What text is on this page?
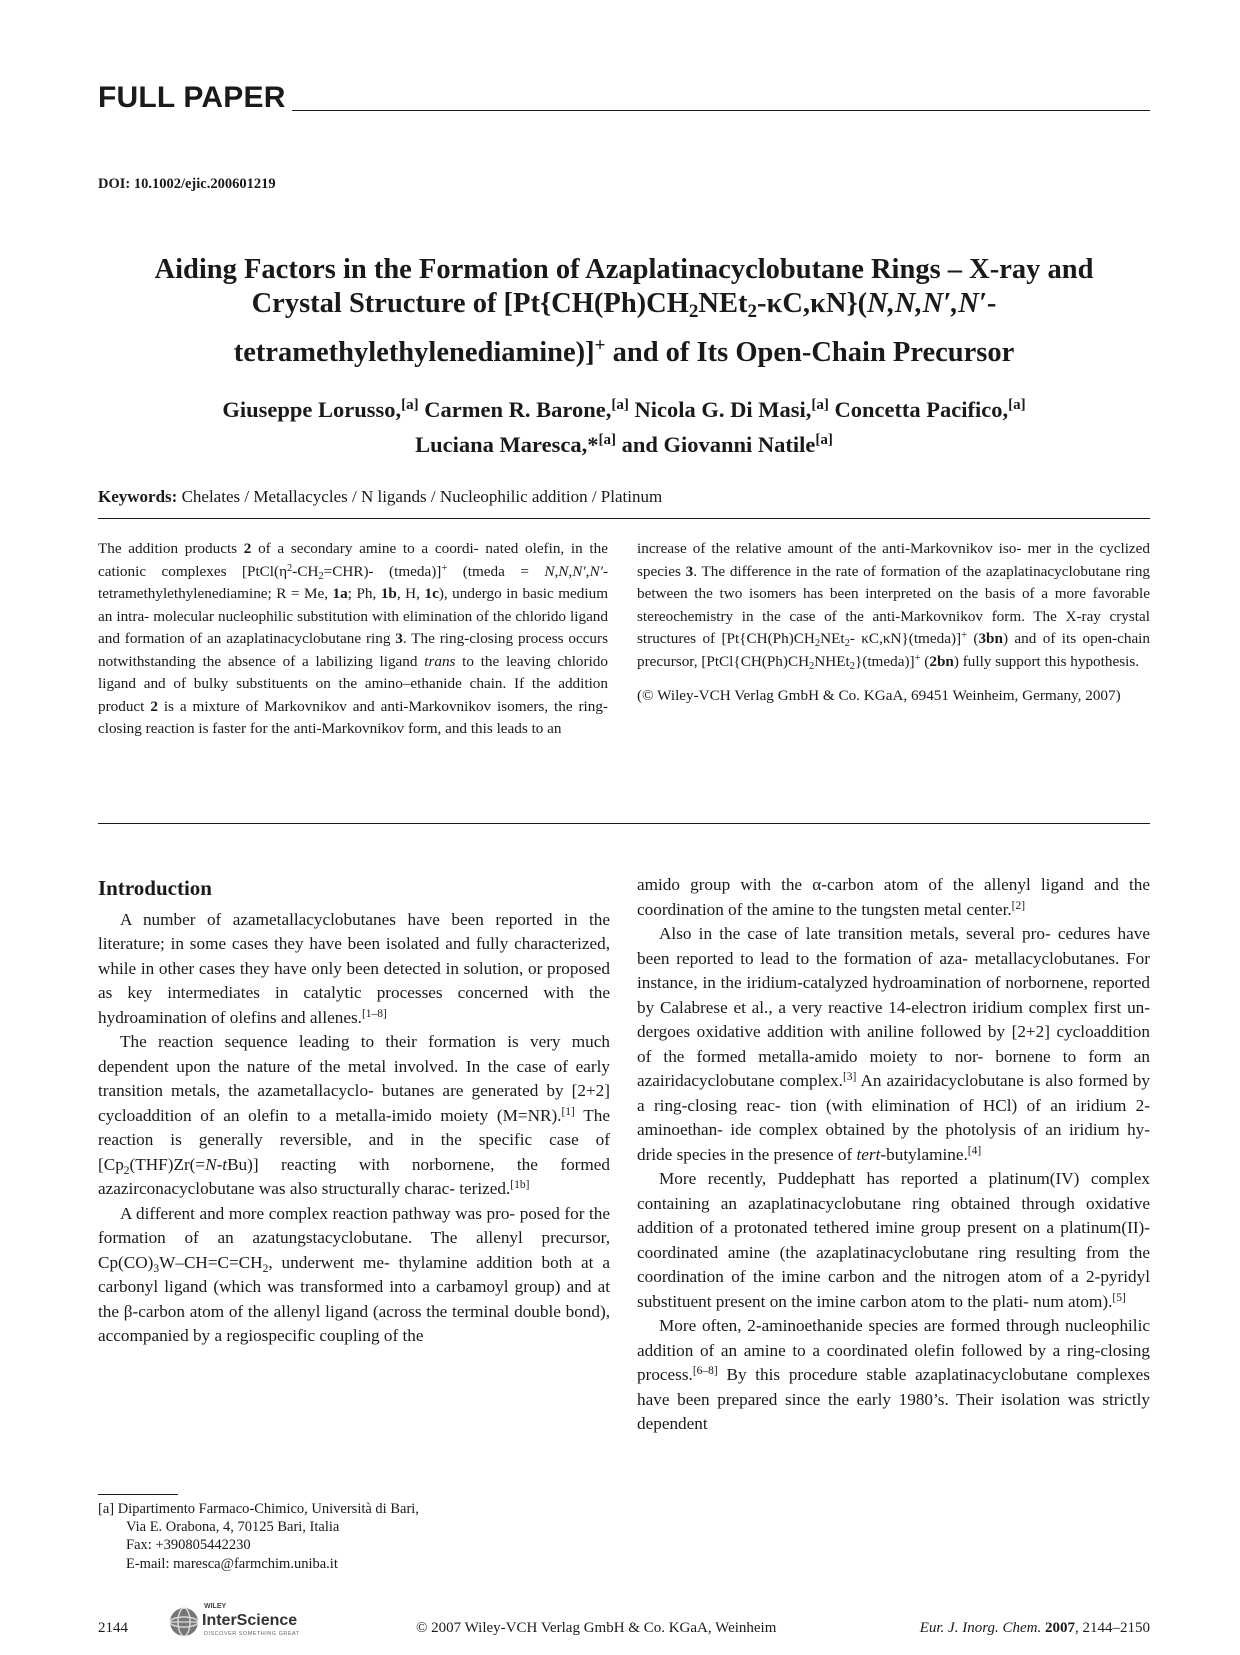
FULL PAPER
DOI: 10.1002/ejic.200601219
Aiding Factors in the Formation of Azaplatinacyclobutane Rings – X-ray and
Crystal Structure of [$Pt\{CH(Ph)CH_2NEt_2-\kappa C,\kappa N\}(N,N,N',N'-$
tetramethylethylenediamine)]+ and of Its Open-Chain Precursor
Giuseppe Lorusso,[a] Carmen R. Barone,[a] Nicola G. Di Masi,[a] Concetta Pacifico,[a]
Luciana Maresca,*[a] and Giovanni Natile[a]
Keywords: Chelates / Metallacycles / N ligands / Nucleophilic addition / Platinum

The addition products 2 of a secondary amine to a coordi- nated olefin, in the cationic complexes [$PtCl(\eta^2-CH_2=CHR)-$ (tmeda)]+ (tmeda = N,N,N′,N′-tetramethylethylenediamine; R = Me, 1a; Ph, 1b, H, 1c), undergo in basic medium an intra- molecular nucleophilic substitution with elimination of the chlorido ligand and formation of an azaplatinacyclobutane ring 3. The ring-closing process occurs notwithstanding the absence of a labilizing ligand trans to the leaving chlorido ligand and of bulky substituents on the amino–ethanide chain. If the addition product 2 is a mixture of Markovnikov and anti-Markovnikov isomers, the ring-closing reaction is faster for the anti-Markovnikov form, and this leads to an

increase of the relative amount of the anti-Markovnikov iso- mer in the cyclized species 3. The difference in the rate of formation of the azaplatinacyclobutane ring between the two isomers has been interpreted on the basis of a more favorable stereochemistry in the case of the anti-Markovnikov form. The X-ray crystal structures of [$Pt\{CH(Ph)CH_2NEt_2-$ κC,κN}(tmeda)]+ (3bn) and of its open-chain precursor, $[PtCl\{CH(Ph)CH_2NHEt_2\}(tmeda)]^+$ (2bn) fully support this hypothesis.

(© Wiley-VCH Verlag GmbH & Co. KGaA, 69451 Weinheim, Germany, 2007)

Introduction

A number of azametallacyclobutanes have been reported in the literature; in some cases they have been isolated and fully characterized, while in other cases they have only been detected in solution, or proposed as key intermediates in catalytic processes concerned with the hydroamination of olefins and allenes.[1–8]

The reaction sequence leading to their formation is very much dependent upon the nature of the metal involved. In the case of early transition metals, the azametallacyclo- butanes are generated by [2+2] cycloaddition of an olefin to a metalla-imido moiety (M=NR).[1] The reaction is generally reversible, and in the specific case of $[Cp_2(THF)Zr(=N-tBu)]$ reacting with norbornene, the formed azazirconacyclobutane was also structurally charac- terized.[1b]

A different and more complex reaction pathway was pro- posed for the formation of an azatungstacyclobutane. The allenyl precursor, $Cp(CO)_3W-CH=C=CH_2$, underwent me- thylamine addition both at a carbonyl ligand (which was transformed into a carbamoyl group) and at the β-carbon atom of the allenyl ligand (across the terminal double bond), accompanied by a regiospecific coupling of the

amido group with the α-carbon atom of the allenyl ligand and the coordination of the amine to the tungsten metal center.[2]

Also in the case of late transition metals, several pro- cedures have been reported to lead to the formation of aza- metallacyclobutanes. For instance, in the iridium-catalyzed hydroamination of norbornene, reported by Calabrese et al., a very reactive 14-electron iridium complex first un- dergoes oxidative addition with aniline followed by [2+2] cycloaddition of the formed metalla-amido moiety to nor- bornene to form an azairidacyclobutane complex.[3] An azairidacyclobutane is also formed by a ring-closing reac- tion (with elimination of HCl) of an iridium 2-aminoethan- ide complex obtained by the photolysis of an iridium hy- dride species in the presence of tert-butylamine.[4]

More recently, Puddephatt has reported a platinum(IV) complex containing an azaplatinacyclobutane ring obtained through oxidative addition of a protonated tethered imine group present on a platinum(II)-coordinated amine (the azaplatinacyclobutane ring resulting from the coordination of the imine carbon and the nitrogen atom of a 2-pyridyl substituent present on the imine carbon atom to the plati- num atom).[5]

More often, 2-aminoethanide species are formed through nucleophilic addition of an amine to a coordinated olefin followed by a ring-closing process.[6–8] By this procedure stable azaplatinacyclobutane complexes have been prepared since the early 1980’s. Their isolation was strictly dependent

[a] Dipartimento Farmaco-Chimico, Università di Bari,
Via E. Orabona, 4, 70125 Bari, Italia
Fax: +390805442230
E-mail: maresca@farmchim.uniba.it
2144
WILEY
InterScience
DISCOVER SOMETHING GREAT	© 2007 Wiley-VCH Verlag GmbH & Co. KGaA, Weinheim	Eur. J. Inorg. Chem. 2007, 2144–2150
